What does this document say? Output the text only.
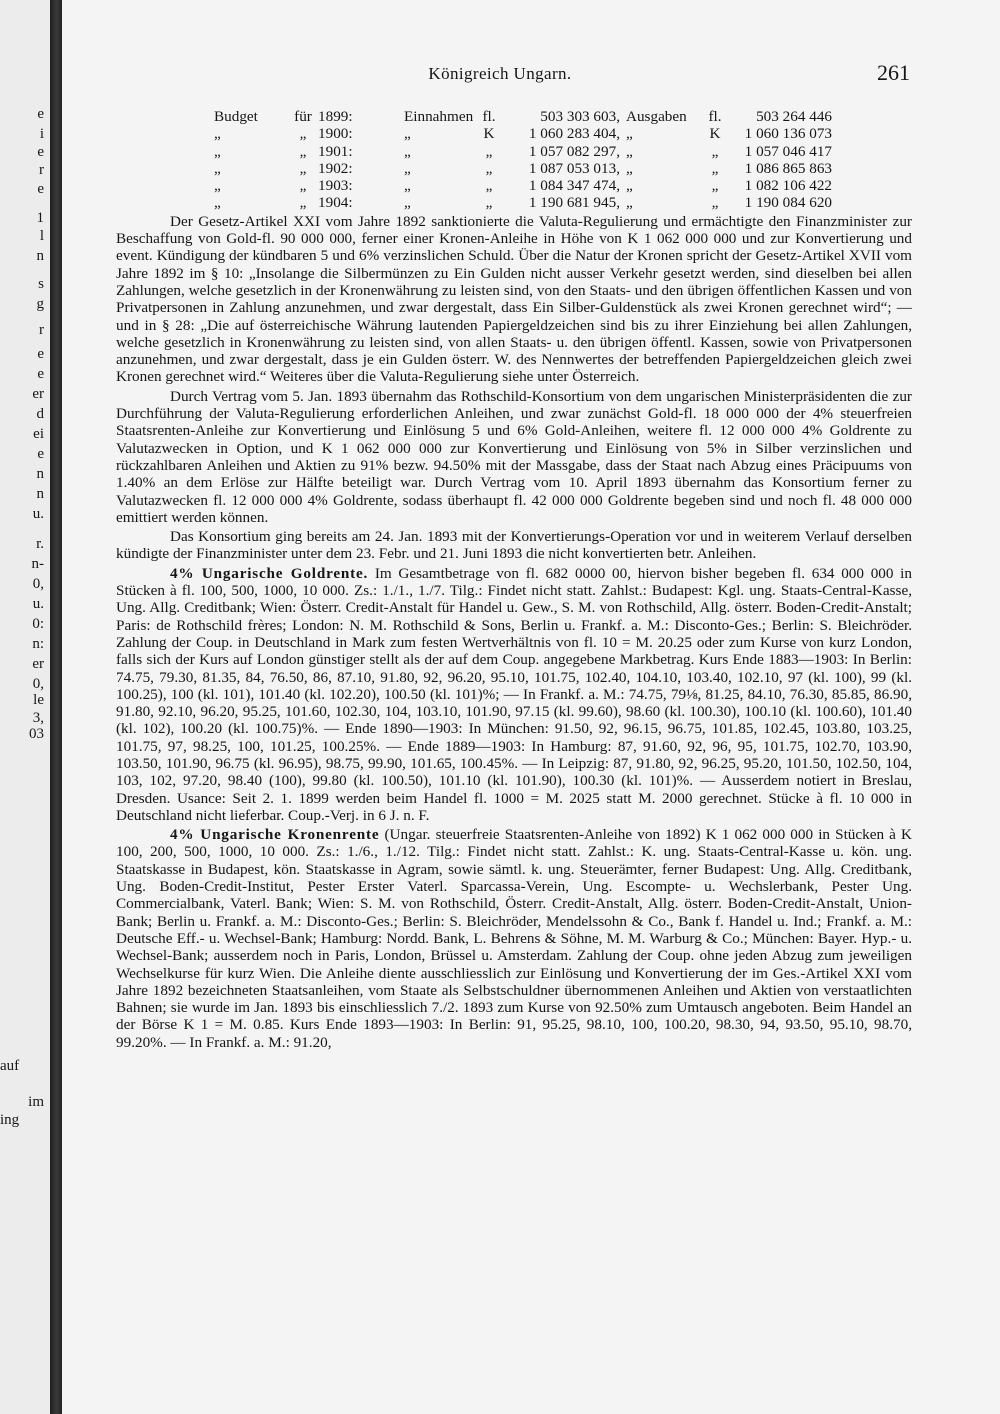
e
i
e
r
e
1
l
n
s
g
r
e
e
er
d
ei
e
n
n
u.
r.
n-
0,
u.
0:
n:
er
0,
le
3,
03
auf
im
ing
Königreich Ungarn.	261
Budget	für	1899:	Einnahmen	fl.	503 303 603,	Ausgaben	fl.	503 264 446
„	„	1900:	„	K	1 060 283 404,	„	K	1 060 136 073
„	„	1901:	„	„	1 057 082 297,	„	„	1 057 046 417
„	„	1902:	„	„	1 087 053 013,	„	„	1 086 865 863
„	„	1903:	„	„	1 084 347 474,	„	„	1 082 106 422
„	„	1904:	„	„	1 190 681 945,	„	„	1 190 084 620

Der Gesetz-Artikel XXI vom Jahre 1892 sanktionierte die Valuta-Regulierung und ermächtigte den Finanzminister zur Beschaffung von Gold-fl. 90 000 000, ferner einer Kronen-Anleihe in Höhe von K 1 062 000 000 und zur Konvertierung und event. Kündigung der kündbaren 5 und 6% verzinslichen Schuld. Über die Natur der Kronen spricht der Gesetz-Artikel XVII vom Jahre 1892 im § 10: „Insolange die Silbermünzen zu Ein Gulden nicht ausser Verkehr gesetzt werden, sind dieselben bei allen Zahlungen, welche gesetzlich in der Kronenwährung zu leisten sind, von den Staats- und den übrigen öffentlichen Kassen und von Privatpersonen in Zahlung anzunehmen, und zwar dergestalt, dass Ein Silber-Guldenstück als zwei Kronen gerechnet wird“; — und in § 28: „Die auf österreichische Währung lautenden Papiergeldzeichen sind bis zu ihrer Einziehung bei allen Zahlungen, welche gesetzlich in Kronenwährung zu leisten sind, von allen Staats- u. den übrigen öffentl. Kassen, sowie von Privatpersonen anzunehmen, und zwar dergestalt, dass je ein Gulden österr. W. des Nennwertes der betreffenden Papiergeldzeichen gleich zwei Kronen gerechnet wird.“ Weiteres über die Valuta-Regulierung siehe unter Österreich.

Durch Vertrag vom 5. Jan. 1893 übernahm das Rothschild-Konsortium von dem ungarischen Ministerpräsidenten die zur Durchführung der Valuta-Regulierung erforderlichen Anleihen, und zwar zunächst Gold-fl. 18 000 000 der 4% steuerfreien Staatsrenten-Anleihe zur Konvertierung und Einlösung 5 und 6% Gold-Anleihen, weitere fl. 12 000 000 4% Goldrente zu Valutazwecken in Option, und K 1 062 000 000 zur Konvertierung und Einlösung von 5% in Silber verzinslichen und rückzahlbaren Anleihen und Aktien zu 91% bezw. 94.50% mit der Massgabe, dass der Staat nach Abzug eines Präcipuums von 1.40% an dem Erlöse zur Hälfte beteiligt war. Durch Vertrag vom 10. April 1893 übernahm das Konsortium ferner zu Valutazwecken fl. 12 000 000 4% Goldrente, sodass überhaupt fl. 42 000 000 Goldrente begeben sind und noch fl. 48 000 000 emittiert werden können.

Das Konsortium ging bereits am 24. Jan. 1893 mit der Konvertierungs-Operation vor und in weiterem Verlauf derselben kündigte der Finanzminister unter dem 23. Febr. und 21. Juni 1893 die nicht konvertierten betr. Anleihen.

4% Ungarische Goldrente. Im Gesamtbetrage von fl. 682 0000 00, hiervon bisher begeben fl. 634 000 000 in Stücken à fl. 100, 500, 1000, 10 000. Zs.: 1./1., 1./7. Tilg.: Findet nicht statt. Zahlst.: Budapest: Kgl. ung. Staats-Central-Kasse, Ung. Allg. Creditbank; Wien: Österr. Credit-Anstalt für Handel u. Gew., S. M. von Rothschild, Allg. österr. Boden-Credit-Anstalt; Paris: de Rothschild frères; London: N. M. Rothschild & Sons, Berlin u. Frankf. a. M.: Disconto-Ges.; Berlin: S. Bleichröder. Zahlung der Coup. in Deutschland in Mark zum festen Wertverhältnis von fl. 10 = M. 20.25 oder zum Kurse von kurz London, falls sich der Kurs auf London günstiger stellt als der auf dem Coup. angegebene Markbetrag. Kurs Ende 1883—1903: In Berlin: 74.75, 79.30, 81.35, 84, 76.50, 86, 87.10, 91.80, 92, 96.20, 95.10, 101.75, 102.40, 104.10, 103.40, 102.10, 97 (kl. 100), 99 (kl. 100.25), 100 (kl. 101), 101.40 (kl. 102.20), 100.50 (kl. 101)%; — In Frankf. a. M.: 74.75, 79⅛, 81.25, 84.10, 76.30, 85.85, 86.90, 91.80, 92.10, 96.20, 95.25, 101.60, 102.30, 104, 103.10, 101.90, 97.15 (kl. 99.60), 98.60 (kl. 100.30), 100.10 (kl. 100.60), 101.40 (kl. 102), 100.20 (kl. 100.75)%. — Ende 1890—1903: In München: 91.50, 92, 96.15, 96.75, 101.85, 102.45, 103.80, 103.25, 101.75, 97, 98.25, 100, 101.25, 100.25%. — Ende 1889—1903: In Hamburg: 87, 91.60, 92, 96, 95, 101.75, 102.70, 103.90, 103.50, 101.90, 96.75 (kl. 96.95), 98.75, 99.90, 101.65, 100.45%. — In Leipzig: 87, 91.80, 92, 96.25, 95.20, 101.50, 102.50, 104, 103, 102, 97.20, 98.40 (100), 99.80 (kl. 100.50), 101.10 (kl. 101.90), 100.30 (kl. 101)%. — Ausserdem notiert in Breslau, Dresden. Usance: Seit 2. 1. 1899 werden beim Handel fl. 1000 = M. 2025 statt M. 2000 gerechnet. Stücke à fl. 10 000 in Deutschland nicht lieferbar. Coup.-Verj. in 6 J. n. F.

4% Ungarische Kronenrente (Ungar. steuerfreie Staatsrenten-Anleihe von 1892) K 1 062 000 000 in Stücken à K 100, 200, 500, 1000, 10 000. Zs.: 1./6., 1./12. Tilg.: Findet nicht statt. Zahlst.: K. ung. Staats-Central-Kasse u. kön. ung. Staatskasse in Budapest, kön. Staatskasse in Agram, sowie sämtl. k. ung. Steuerämter, ferner Budapest: Ung. Allg. Creditbank, Ung. Boden-Credit-Institut, Pester Erster Vaterl. Sparcassa-Verein, Ung. Escompte- u. Wechslerbank, Pester Ung. Commercialbank, Vaterl. Bank; Wien: S. M. von Rothschild, Österr. Credit-Anstalt, Allg. österr. Boden-Credit-Anstalt, Union-Bank; Berlin u. Frankf. a. M.: Disconto-Ges.; Berlin: S. Bleichröder, Mendelssohn & Co., Bank f. Handel u. Ind.; Frankf. a. M.: Deutsche Eff.- u. Wechsel-Bank; Hamburg: Nordd. Bank, L. Behrens & Söhne, M. M. Warburg & Co.; München: Bayer. Hyp.- u. Wechsel-Bank; ausserdem noch in Paris, London, Brüssel u. Amsterdam. Zahlung der Coup. ohne jeden Abzug zum jeweiligen Wechselkurse für kurz Wien. Die Anleihe diente ausschliesslich zur Einlösung und Konvertierung der im Ges.-Artikel XXI vom Jahre 1892 bezeichneten Staatsanleihen, vom Staate als Selbstschuldner übernommenen Anleihen und Aktien von verstaatlichten Bahnen; sie wurde im Jan. 1893 bis einschliesslich 7./2. 1893 zum Kurse von 92.50% zum Umtausch angeboten. Beim Handel an der Börse K 1 = M. 0.85. Kurs Ende 1893—1903: In Berlin: 91, 95.25, 98.10, 100, 100.20, 98.30, 94, 93.50, 95.10, 98.70, 99.20%. — In Frankf. a. M.: 91.20,
